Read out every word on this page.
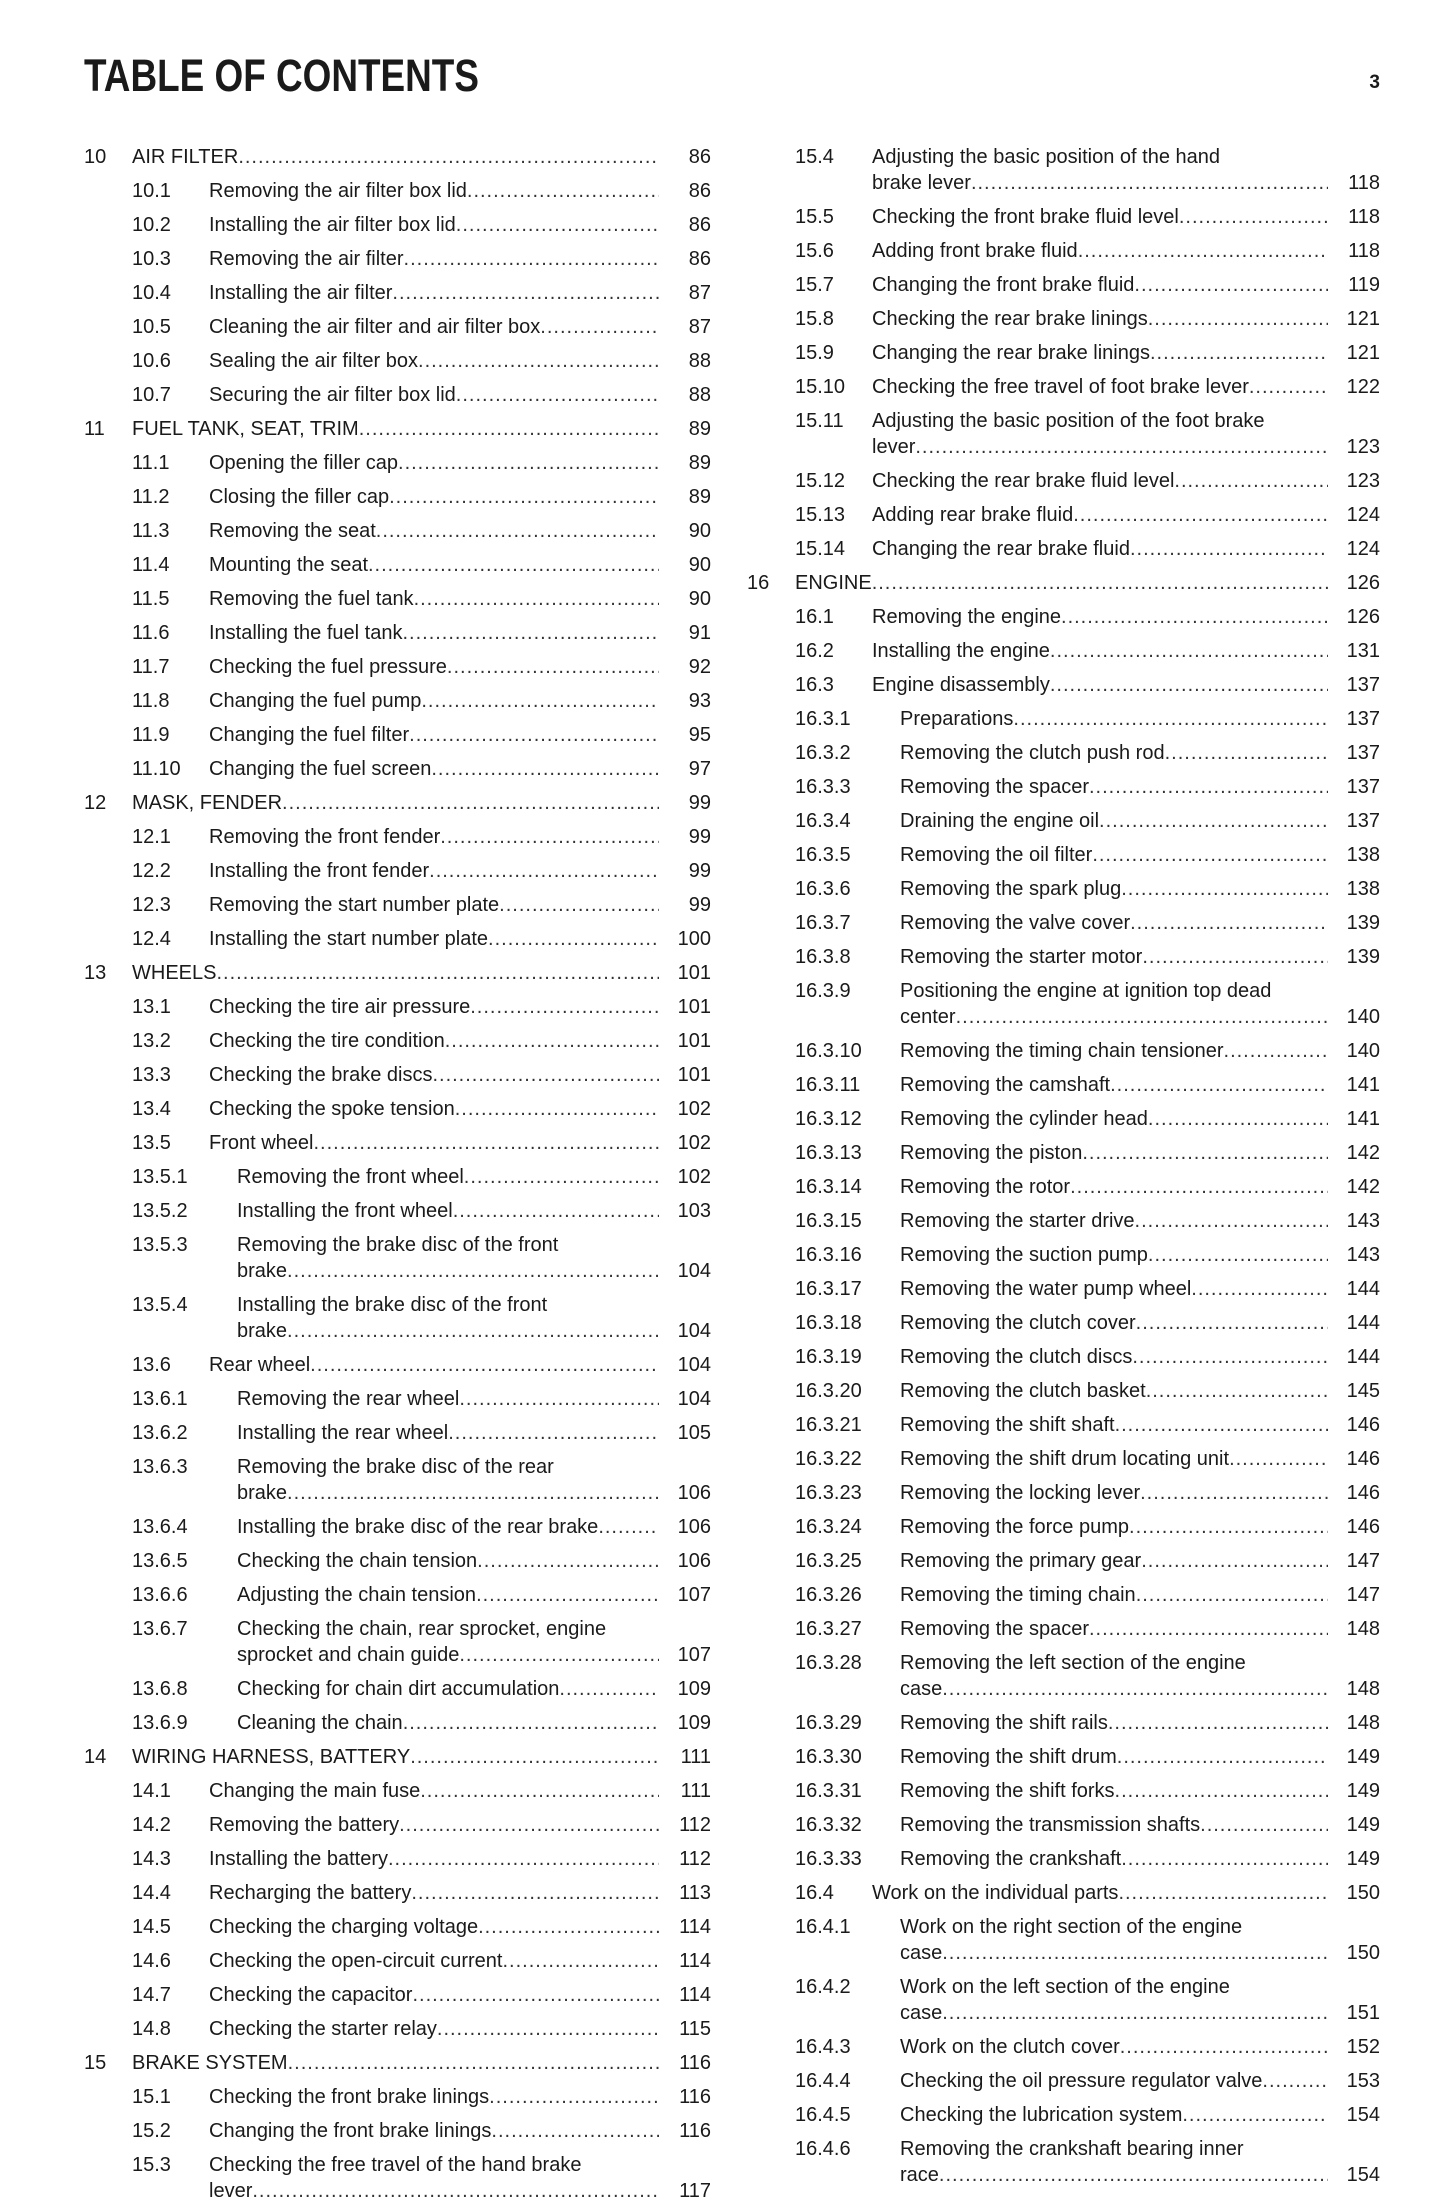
TABLE OF CONTENTS	3
10 AIR FILTER .....	86
10.1 Removing the air filter box lid .....	86
10.2 Installing the air filter box lid .....	86
10.3 Removing the air filter .....	86
10.4 Installing the air filter .....	87
10.5 Cleaning the air filter and air filter box .....	87
10.6 Sealing the air filter box .....	88
10.7 Securing the air filter box lid .....	88
11 FUEL TANK, SEAT, TRIM .....	89
11.1 Opening the filler cap .....	89
11.2 Closing the filler cap .....	89
11.3 Removing the seat .....	90
11.4 Mounting the seat .....	90
11.5 Removing the fuel tank .....	90
11.6 Installing the fuel tank .....	91
11.7 Checking the fuel pressure .....	92
11.8 Changing the fuel pump .....	93
11.9 Changing the fuel filter .....	95
11.10 Changing the fuel screen .....	97
12 MASK, FENDER .....	99
12.1 Removing the front fender .....	99
12.2 Installing the front fender .....	99
12.3 Removing the start number plate .....	99
12.4 Installing the start number plate .....	100
13 WHEELS .....	101
13.1 Checking the tire air pressure .....	101
13.2 Checking the tire condition .....	101
13.3 Checking the brake discs .....	101
13.4 Checking the spoke tension .....	102
13.5 Front wheel .....	102
13.5.1 Removing the front wheel .....	102
13.5.2 Installing the front wheel .....	103
13.5.3 Removing the brake disc of the front
brake .....	104
13.5.4 Installing the brake disc of the front
brake .....	104
13.6 Rear wheel .....	104
13.6.1 Removing the rear wheel .....	104
13.6.2 Installing the rear wheel .....	105
13.6.3 Removing the brake disc of the rear
brake .....	106
13.6.4 Installing the brake disc of the rear brake .....	106
13.6.5 Checking the chain tension .....	106
13.6.6 Adjusting the chain tension .....	107
13.6.7 Checking the chain, rear sprocket, engine
sprocket and chain guide .....	107
13.6.8 Checking for chain dirt accumulation .....	109
13.6.9 Cleaning the chain .....	109
14 WIRING HARNESS, BATTERY .....	111
14.1 Changing the main fuse .....	111
14.2 Removing the battery .....	112
14.3 Installing the battery .....	112
14.4 Recharging the battery .....	113
14.5 Checking the charging voltage .....	114
14.6 Checking the open-circuit current .....	114
14.7 Checking the capacitor .....	114
14.8 Checking the starter relay .....	115
15 BRAKE SYSTEM .....	116
15.1 Checking the front brake linings .....	116
15.2 Changing the front brake linings .....	116
15.3 Checking the free travel of the hand brake
lever .....	117
15.4 Adjusting the basic position of the hand
brake lever .....	118
15.5 Checking the front brake fluid level .....	118
15.6 Adding front brake fluid .....	118
15.7 Changing the front brake fluid .....	119
15.8 Checking the rear brake linings .....	121
15.9 Changing the rear brake linings .....	121
15.10 Checking the free travel of foot brake lever .....	122
15.11 Adjusting the basic position of the foot brake
lever .....	123
15.12 Checking the rear brake fluid level .....	123
15.13 Adding rear brake fluid .....	124
15.14 Changing the rear brake fluid .....	124
16 ENGINE .....	126
16.1 Removing the engine .....	126
16.2 Installing the engine .....	131
16.3 Engine disassembly .....	137
16.3.1 Preparations .....	137
16.3.2 Removing the clutch push rod .....	137
16.3.3 Removing the spacer .....	137
16.3.4 Draining the engine oil .....	137
16.3.5 Removing the oil filter .....	138
16.3.6 Removing the spark plug .....	138
16.3.7 Removing the valve cover .....	139
16.3.8 Removing the starter motor .....	139
16.3.9 Positioning the engine at ignition top dead
center .....	140
16.3.10 Removing the timing chain tensioner .....	140
16.3.11 Removing the camshaft .....	141
16.3.12 Removing the cylinder head .....	141
16.3.13 Removing the piston .....	142
16.3.14 Removing the rotor .....	142
16.3.15 Removing the starter drive .....	143
16.3.16 Removing the suction pump .....	143
16.3.17 Removing the water pump wheel .....	144
16.3.18 Removing the clutch cover .....	144
16.3.19 Removing the clutch discs .....	144
16.3.20 Removing the clutch basket .....	145
16.3.21 Removing the shift shaft .....	146
16.3.22 Removing the shift drum locating unit .....	146
16.3.23 Removing the locking lever .....	146
16.3.24 Removing the force pump .....	146
16.3.25 Removing the primary gear .....	147
16.3.26 Removing the timing chain .....	147
16.3.27 Removing the spacer .....	148
16.3.28 Removing the left section of the engine
case .....	148
16.3.29 Removing the shift rails .....	148
16.3.30 Removing the shift drum .....	149
16.3.31 Removing the shift forks .....	149
16.3.32 Removing the transmission shafts .....	149
16.3.33 Removing the crankshaft .....	149
16.4 Work on the individual parts .....	150
16.4.1 Work on the right section of the engine
case .....	150
16.4.2 Work on the left section of the engine
case .....	151
16.4.3 Work on the clutch cover .....	152
16.4.4 Checking the oil pressure regulator valve .....	153
16.4.5 Checking the lubrication system .....	154
16.4.6 Removing the crankshaft bearing inner
race .....	154
